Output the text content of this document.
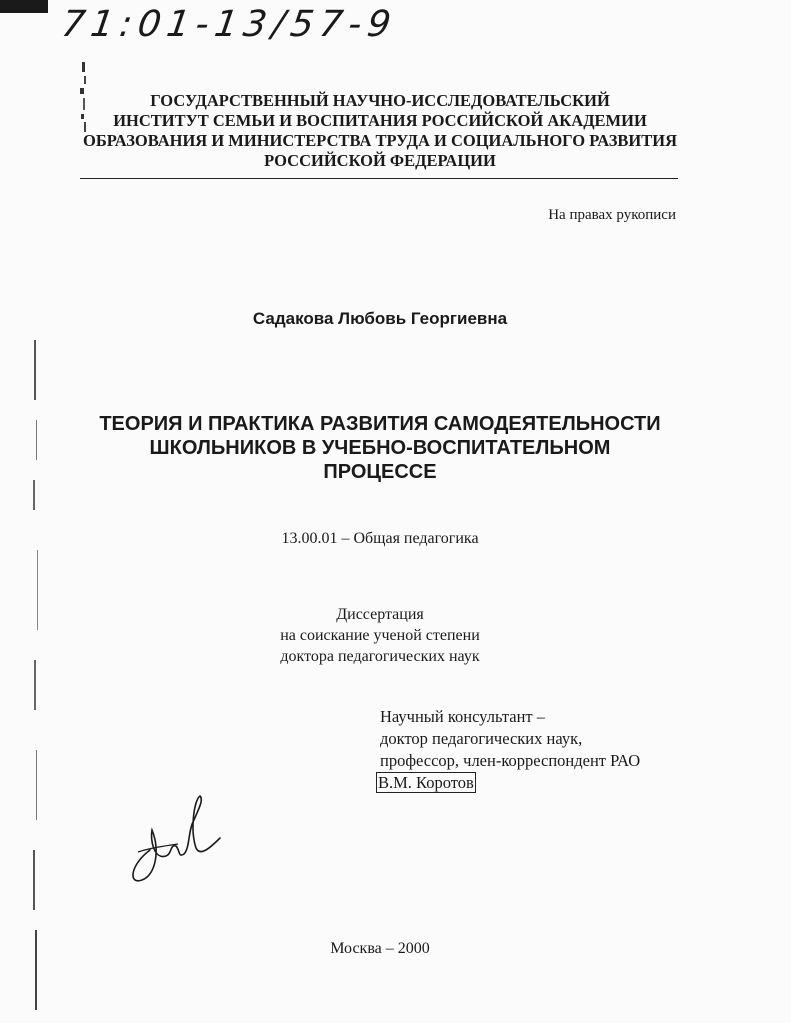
71:01-13/57-9
ГОСУДАРСТВЕННЫЙ НАУЧНО-ИССЛЕДОВАТЕЛЬСКИЙ
ИНСТИТУТ СЕМЬИ И ВОСПИТАНИЯ РОССИЙСКОЙ АКАДЕМИИ
ОБРАЗОВАНИЯ И МИНИСТЕРСТВА ТРУДА И СОЦИАЛЬНОГО РАЗВИТИЯ
РОССИЙСКОЙ ФЕДЕРАЦИИ
На правах рукописи
Садакова Любовь Георгиевна
ТЕОРИЯ И ПРАКТИКА РАЗВИТИЯ САМОДЕЯТЕЛЬНОСТИ
ШКОЛЬНИКОВ В УЧЕБНО-ВОСПИТАТЕЛЬНОМ
ПРОЦЕССЕ
13.00.01 – Общая педагогика
Диссертация
на соискание ученой степени
доктора педагогических наук
Научный консультант –
доктор педагогических наук,
профессор, член-корреспондент РАО
В.М. Коротов
Москва – 2000
